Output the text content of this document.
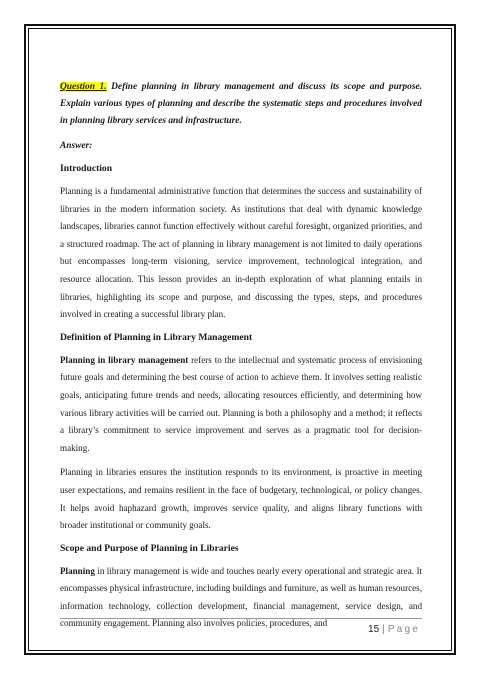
Question 1. Define planning in library management and discuss its scope and purpose. Explain various types of planning and describe the systematic steps and procedures involved in planning library services and infrastructure.

Answer:
Introduction

Planning is a fundamental administrative function that determines the success and sustainability of libraries in the modern information society. As institutions that deal with dynamic knowledge landscapes, libraries cannot function effectively without careful foresight, organized priorities, and a structured roadmap. The act of planning in library management is not limited to daily operations but encompasses long-term visioning, service improvement, technological integration, and resource allocation. This lesson provides an in-depth exploration of what planning entails in libraries, highlighting its scope and purpose, and discussing the types, steps, and procedures involved in creating a successful library plan.

Definition of Planning in Library Management

Planning in library management refers to the intellectual and systematic process of envisioning future goals and determining the best course of action to achieve them. It involves setting realistic goals, anticipating future trends and needs, allocating resources efficiently, and determining how various library activities will be carried out. Planning is both a philosophy and a method; it reflects a library’s commitment to service improvement and serves as a pragmatic tool for decision-making.

Planning in libraries ensures the institution responds to its environment, is proactive in meeting user expectations, and remains resilient in the face of budgetary, technological, or policy changes. It helps avoid haphazard growth, improves service quality, and aligns library functions with broader institutional or community goals.

Scope and Purpose of Planning in Libraries

Planning in library management is wide and touches nearly every operational and strategic area. It encompasses physical infrastructure, including buildings and furniture, as well as human resources, information technology, collection development, financial management, service design, and community engagement. Planning also involves policies, procedures, and

15 | Page
